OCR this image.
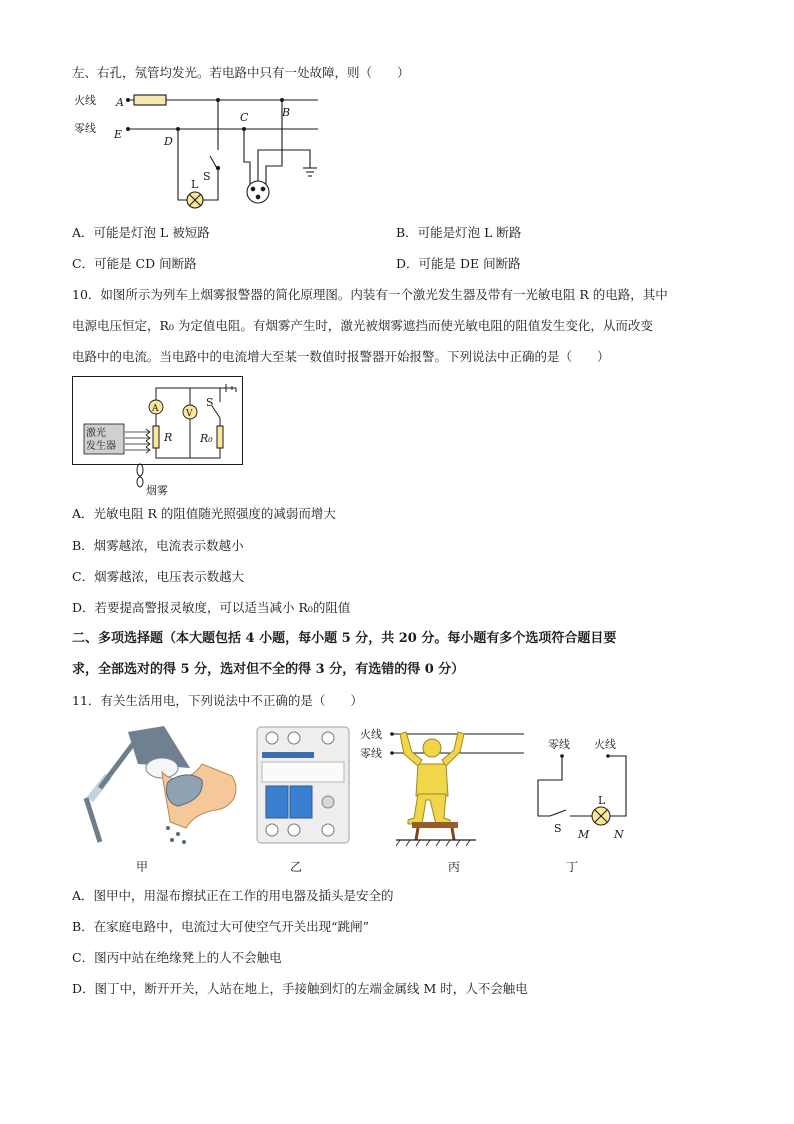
左、右孔，氖管均发光。若电路中只有一处故障，则（　　）
火线
零线
A
E
D
C	B
S
L
A．可能是灯泡 L 被短路	B．可能是灯泡 L 断路
C．可能是 CD 间断路	D．可能是 DE 间断路
10．如图所示为列车上烟雾报警器的简化原理图。内装有一个激光发生器及带有一光敏电阻 R 的电路，其中
电源电压恒定，R₀ 为定值电阻。有烟雾产生时，激光被烟雾遮挡而使光敏电阻的阻值发生变化，从而改变
电路中的电流。当电路中的电流增大至某一数值时报警器开始报警。下列说法中正确的是（　　）
激光
发生器
A	V
R	R₀
S
烟雾
A．光敏电阻 R 的阻值随光照强度的减弱而增大
B．烟雾越浓，电流表示数越小
C．烟雾越浓，电压表示数越大
D．若要提高警报灵敏度，可以适当减小 R₀的阻值
二、多项选择题（本大题包括 4 小题，每小题 5 分，共 20 分。每小题有多个选项符合题目要
求，全部选对的得 5 分，选对但不全的得 3 分，有选错的得 0 分）
11．有关生活用电，下列说法中不正确的是（　　）
甲	乙
火线
零线
丙
零线 火线
L
S M N
丁
A．图甲中，用湿布擦拭正在工作的用电器及插头是安全的
B．在家庭电路中，电流过大可使空气开关出现“跳闸”
C．图丙中站在绝缘凳上的人不会触电
D．图丁中，断开开关，人站在地上，手接触到灯的左端金属线 M 时，人不会触电
